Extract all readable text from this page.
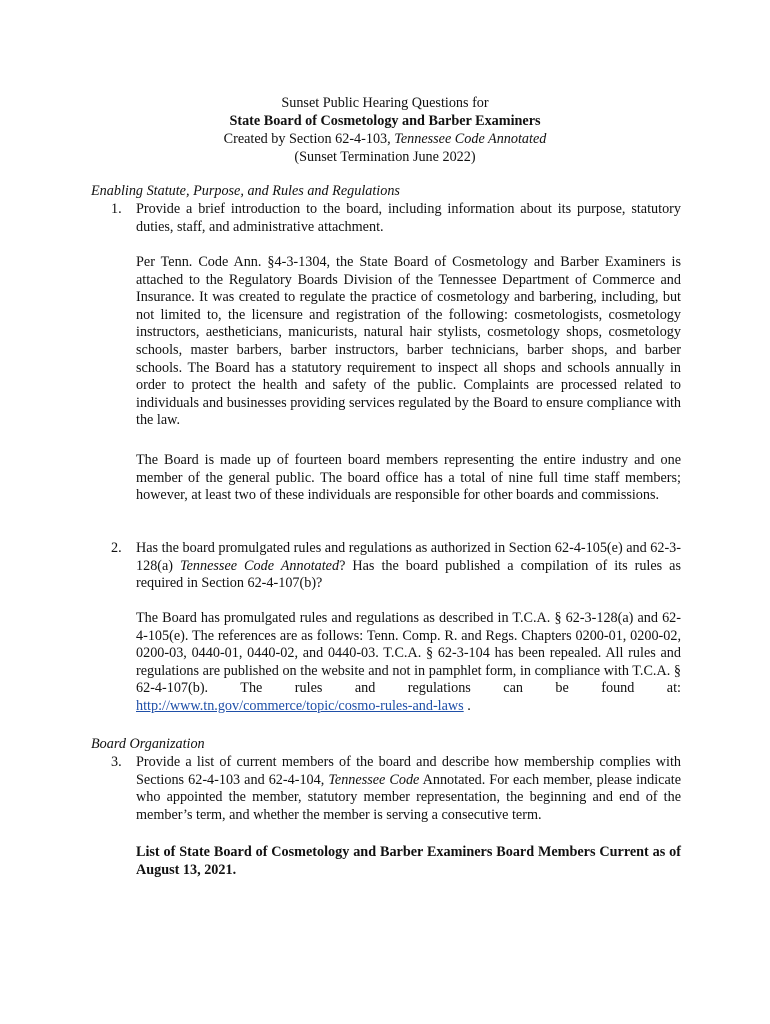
Sunset Public Hearing Questions for
State Board of Cosmetology and Barber Examiners
Created by Section 62-4-103, Tennessee Code Annotated
(Sunset Termination June 2022)
Enabling Statute, Purpose, and Rules and Regulations
1. Provide a brief introduction to the board, including information about its purpose, statutory duties, staff, and administrative attachment.
Per Tenn. Code Ann. §4-3-1304, the State Board of Cosmetology and Barber Examiners is attached to the Regulatory Boards Division of the Tennessee Department of Commerce and Insurance. It was created to regulate the practice of cosmetology and barbering, including, but not limited to, the licensure and registration of the following: cosmetologists, cosmetology instructors, aestheticians, manicurists, natural hair stylists, cosmetology shops, cosmetology schools, master barbers, barber instructors, barber technicians, barber shops, and barber schools. The Board has a statutory requirement to inspect all shops and schools annually in order to protect the health and safety of the public. Complaints are processed related to individuals and businesses providing services regulated by the Board to ensure compliance with the law.
The Board is made up of fourteen board members representing the entire industry and one member of the general public. The board office has a total of nine full time staff members; however, at least two of these individuals are responsible for other boards and commissions.
2. Has the board promulgated rules and regulations as authorized in Section 62-4-105(e) and 62-3-128(a) Tennessee Code Annotated? Has the board published a compilation of its rules as required in Section 62-4-107(b)?
The Board has promulgated rules and regulations as described in T.C.A. § 62-3-128(a) and 62-4-105(e). The references are as follows: Tenn. Comp. R. and Regs. Chapters 0200-01, 0200-02, 0200-03, 0440-01, 0440-02, and 0440-03. T.C.A. § 62-3-104 has been repealed. All rules and regulations are published on the website and not in pamphlet form, in compliance with T.C.A. § 62-4-107(b). The rules and regulations can be found at: http://www.tn.gov/commerce/topic/cosmo-rules-and-laws .
Board Organization
3. Provide a list of current members of the board and describe how membership complies with Sections 62-4-103 and 62-4-104, Tennessee Code Annotated. For each member, please indicate who appointed the member, statutory member representation, the beginning and end of the member’s term, and whether the member is serving a consecutive term.
List of State Board of Cosmetology and Barber Examiners Board Members Current as of August 13, 2021.
